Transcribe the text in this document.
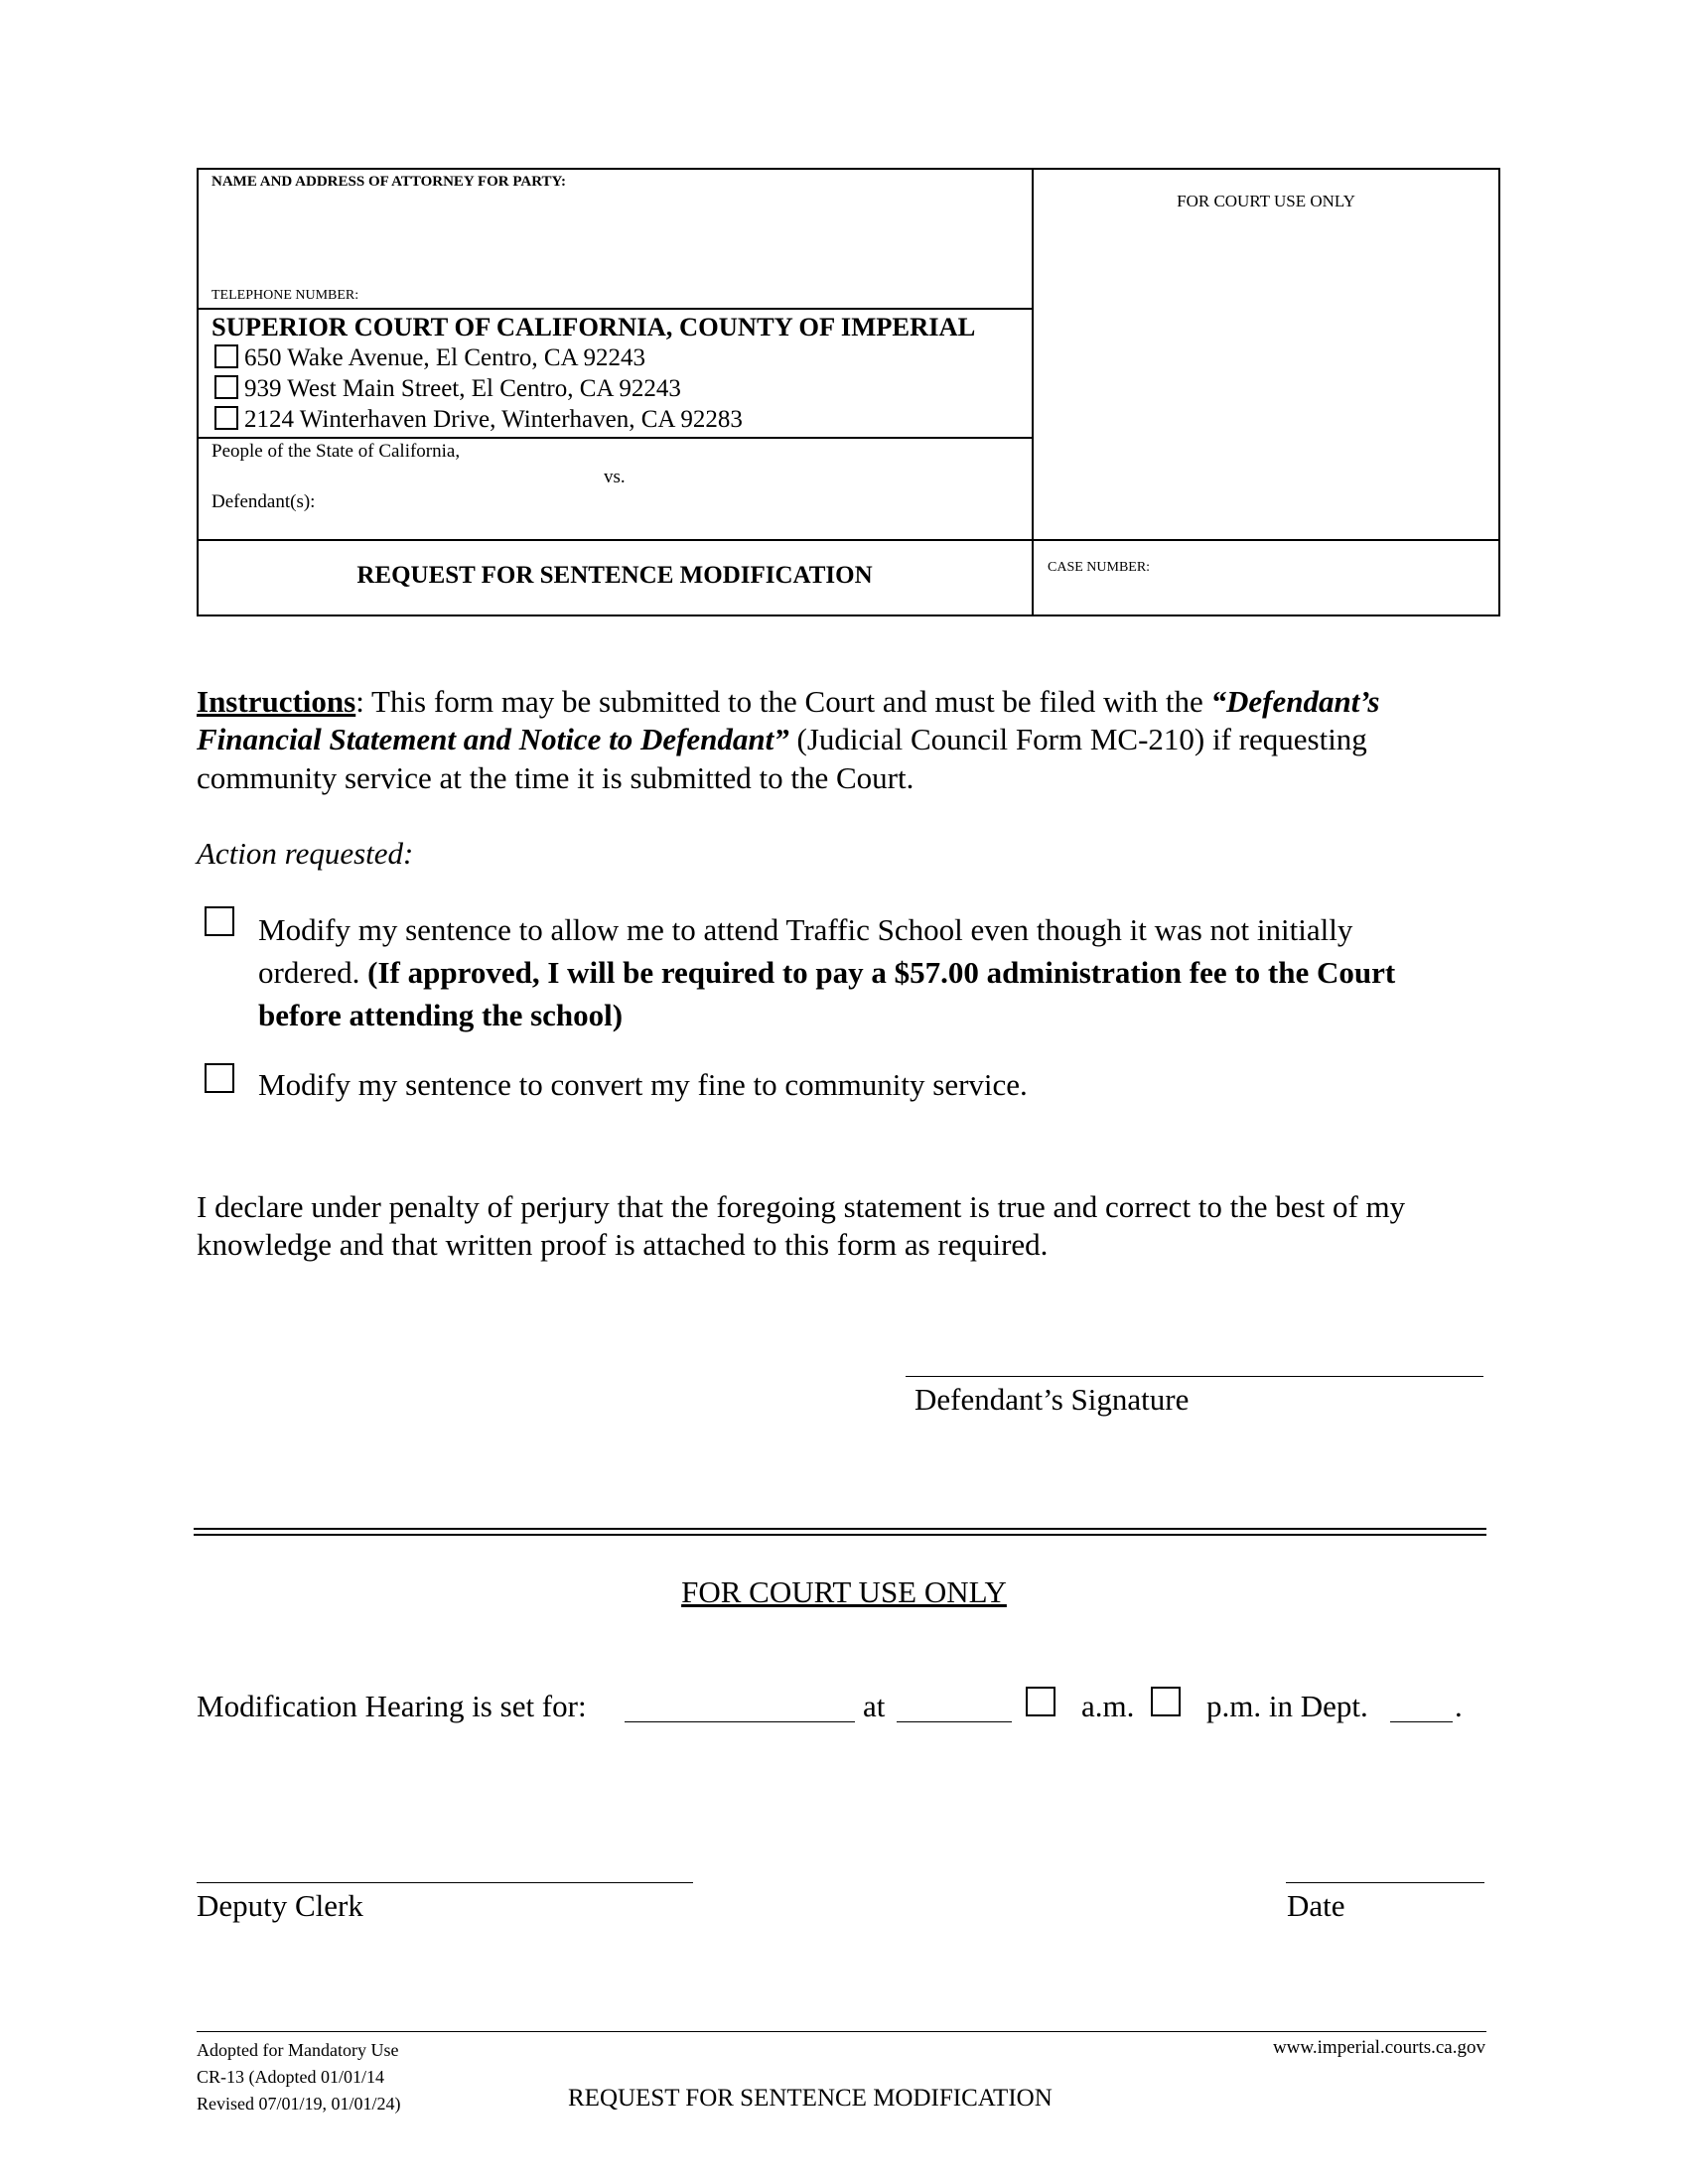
NAME AND ADDRESS OF ATTORNEY FOR PARTY:
TELEPHONE NUMBER:
SUPERIOR COURT OF CALIFORNIA, COUNTY OF IMPERIAL
650 Wake Avenue, El Centro, CA 92243
939 West Main Street, El Centro, CA 92243
2124 Winterhaven Drive, Winterhaven, CA 92283
People of the State of California,
vs.
Defendant(s):
FOR COURT USE ONLY
REQUEST FOR SENTENCE MODIFICATION	CASE NUMBER:
Instructions: This form may be submitted to the Court and must be filed with the “Defendant’s Financial Statement and Notice to Defendant” (Judicial Council Form MC-210) if requesting community service at the time it is submitted to the Court.
Action requested:
Modify my sentence to allow me to attend Traffic School even though it was not initially ordered. (If approved, I will be required to pay a $57.00 administration fee to the Court before attending the school)
Modify my sentence to convert my fine to community service.
I declare under penalty of perjury that the foregoing statement is true and correct to the best of my knowledge and that written proof is attached to this form as required.
Defendant’s Signature
FOR COURT USE ONLY
Modification Hearing is set for:	at	a.m. p.m. in Dept.	.
Deputy Clerk	Date
Adopted for Mandatory Use
CR-13 (Adopted 01/01/14
Revised 07/01/19, 01/01/24)	REQUEST FOR SENTENCE MODIFICATION
www.imperial.courts.ca.gov
